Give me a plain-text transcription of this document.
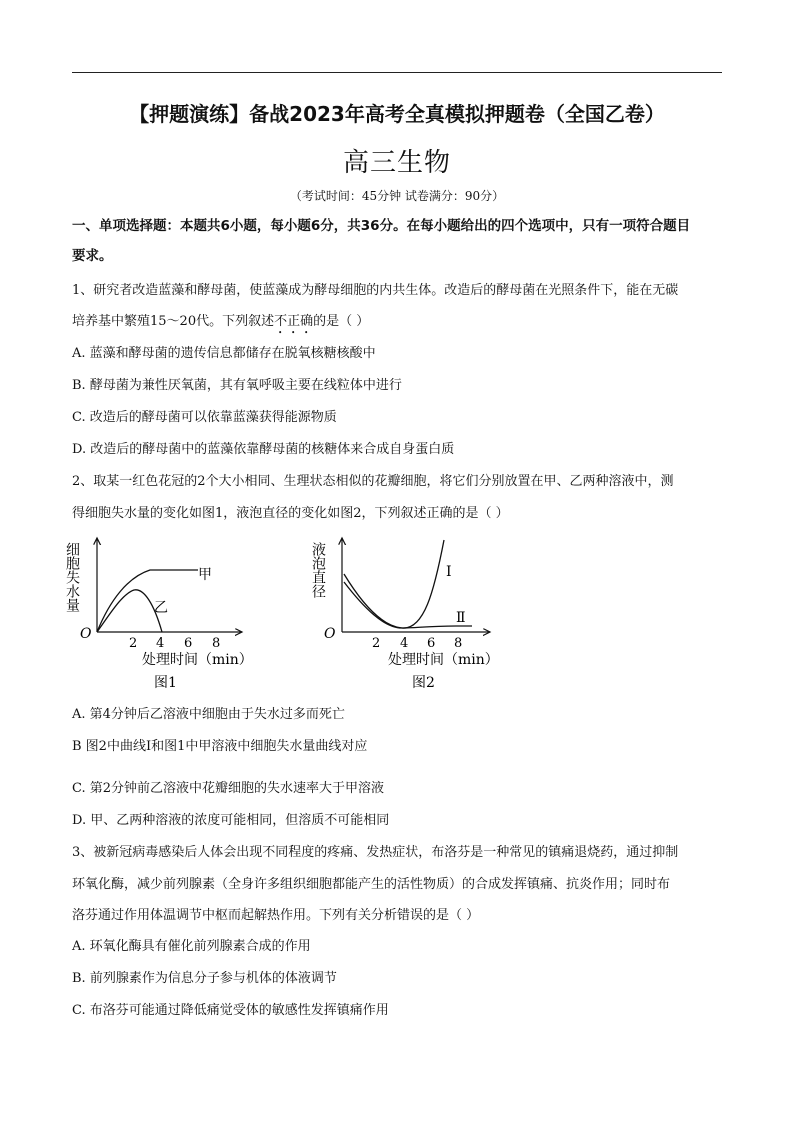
【押题演练】备战2023年高考全真模拟押题卷（全国乙卷）
高三生物
（考试时间：45分钟 试卷满分：90分）
一、单项选择题：本题共6小题，每小题6分，共36分。在每小题给出的四个选项中，只有一项符合题目
要求。
1、研究者改造蓝藻和酵母菌，使蓝藻成为酵母细胞的内共生体。改造后的酵母菌在光照条件下，能在无碳
培养基中繁殖15～20代。下列叙述不正确的是（ ）
A. 蓝藻和酵母菌的遗传信息都储存在脱氧核糖核酸中
B. 酵母菌为兼性厌氧菌，其有氧呼吸主要在线粒体中进行
C. 改造后的酵母菌可以依靠蓝藻获得能源物质
D. 改造后的酵母菌中的蓝藻依靠酵母菌的核糖体来合成自身蛋白质
2、取某一红色花冠的2个大小相同、生理状态相似的花瓣细胞，将它们分别放置在甲、乙两种溶液中，测
得细胞失水量的变化如图1，液泡直径的变化如图2，下列叙述正确的是（ ）
细胞失水量
O
2 4 6 8
甲
乙
处理时间（min）
图1
液泡直径
O
2 4 6 8
Ⅰ
Ⅱ
处理时间（min）
图2
A. 第4分钟后乙溶液中细胞由于失水过多而死亡
B 图2中曲线Ⅰ和图1中甲溶液中细胞失水量曲线对应
C. 第2分钟前乙溶液中花瓣细胞的失水速率大于甲溶液
D. 甲、乙两种溶液的浓度可能相同，但溶质不可能相同
3、被新冠病毒感染后人体会出现不同程度的疼痛、发热症状，布洛芬是一种常见的镇痛退烧药，通过抑制
环氧化酶，减少前列腺素（全身许多组织细胞都能产生的活性物质）的合成发挥镇痛、抗炎作用；同时布
洛芬通过作用体温调节中枢而起解热作用。下列有关分析错误的是（ ）
A. 环氧化酶具有催化前列腺素合成的作用
B. 前列腺素作为信息分子参与机体的体液调节
C. 布洛芬可能通过降低痛觉受体的敏感性发挥镇痛作用
